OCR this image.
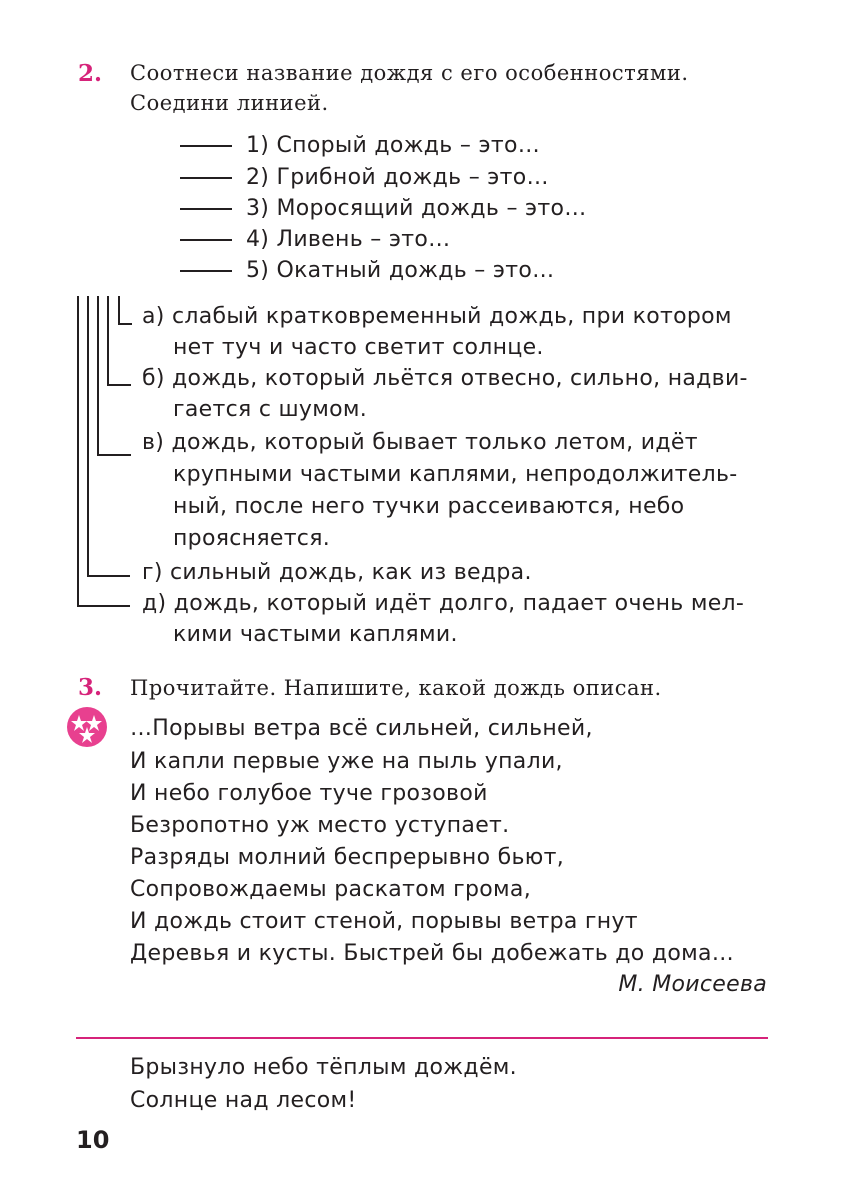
2. Соотнеси название дождя с его особенностями.
Соедини линией.
1) Спорый дождь – это…
2) Грибной дождь – это…
3) Моросящий дождь – это…
4) Ливень – это…
5) Окатный дождь – это…
а) слабый кратковременный дождь, при котором
нет туч и часто светит солнце.
б) дождь, который льётся отвесно, сильно, надви-
гается с шумом.
в) дождь, который бывает только летом, идёт
крупными частыми каплями, непродолжитель-
ный, после него тучки рассеиваются, небо
проясняется.
г) сильный дождь, как из ведра.
д) дождь, который идёт долго, падает очень мел-
кими частыми каплями.
3. Прочитайте. Напишите, какой дождь описан.
…Порывы ветра всё сильней, сильней,
И капли первые уже на пыль упали,
И небо голубое туче грозовой
Безропотно уж место уступает.
Разряды молний беспрерывно бьют,
Сопровождаемы раскатом грома,
И дождь стоит стеной, порывы ветра гнут
Деревья и кусты. Быстрей бы добежать до дома…
М. Моисеева
Брызнуло небо тёплым дождём.
Солнце над лесом!
10
